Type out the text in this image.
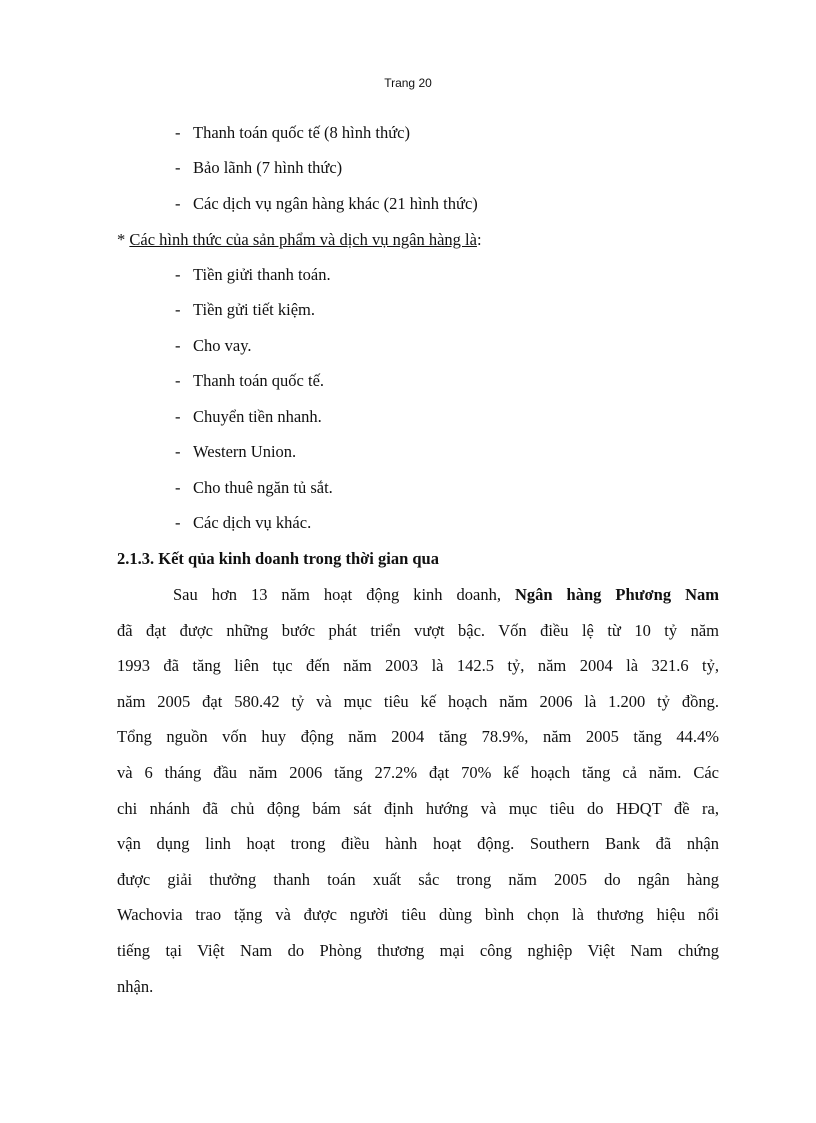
Trang 20
- Thanh toán quốc tế (8 hình thức)
- Bảo lãnh (7 hình thức)
- Các dịch vụ ngân hàng khác (21 hình thức)
* Các hình thức của sản phẩm và dịch vụ ngân hàng là:
- Tiền giửi thanh toán.
- Tiền gửi tiết kiệm.
- Cho vay.
- Thanh toán quốc tế.
- Chuyển tiền nhanh.
- Western Union.
- Cho thuê ngăn tủ sắt.
- Các dịch vụ khác.
2.1.3. Kết qủa kinh doanh trong thời gian qua
Sau hơn 13 năm hoạt động kinh doanh, Ngân hàng Phương Nam
đã đạt được những bước phát triển vượt bậc. Vốn điều lệ từ 10 tỷ năm
1993 đã tăng liên tục đến năm 2003 là 142.5 tỷ, năm 2004 là 321.6 tỷ,
năm 2005 đạt 580.42 tỷ và mục tiêu kế hoạch năm 2006 là 1.200 tỷ đồng.
Tổng nguồn vốn huy động năm 2004 tăng 78.9%, năm 2005 tăng 44.4%
và 6 tháng đầu năm 2006 tăng 27.2% đạt 70% kế hoạch tăng cả năm. Các
chi nhánh đã chủ động bám sát định hướng và mục tiêu do HĐQT đề ra,
vận dụng linh hoạt trong điều hành hoạt động. Southern Bank đã nhận
được giải thưởng thanh toán xuất sắc trong năm 2005 do ngân hàng
Wachovia trao tặng và được người tiêu dùng bình chọn là thương hiệu nổi
tiếng tại Việt Nam do Phòng thương mại công nghiệp Việt Nam chứng
nhận.
